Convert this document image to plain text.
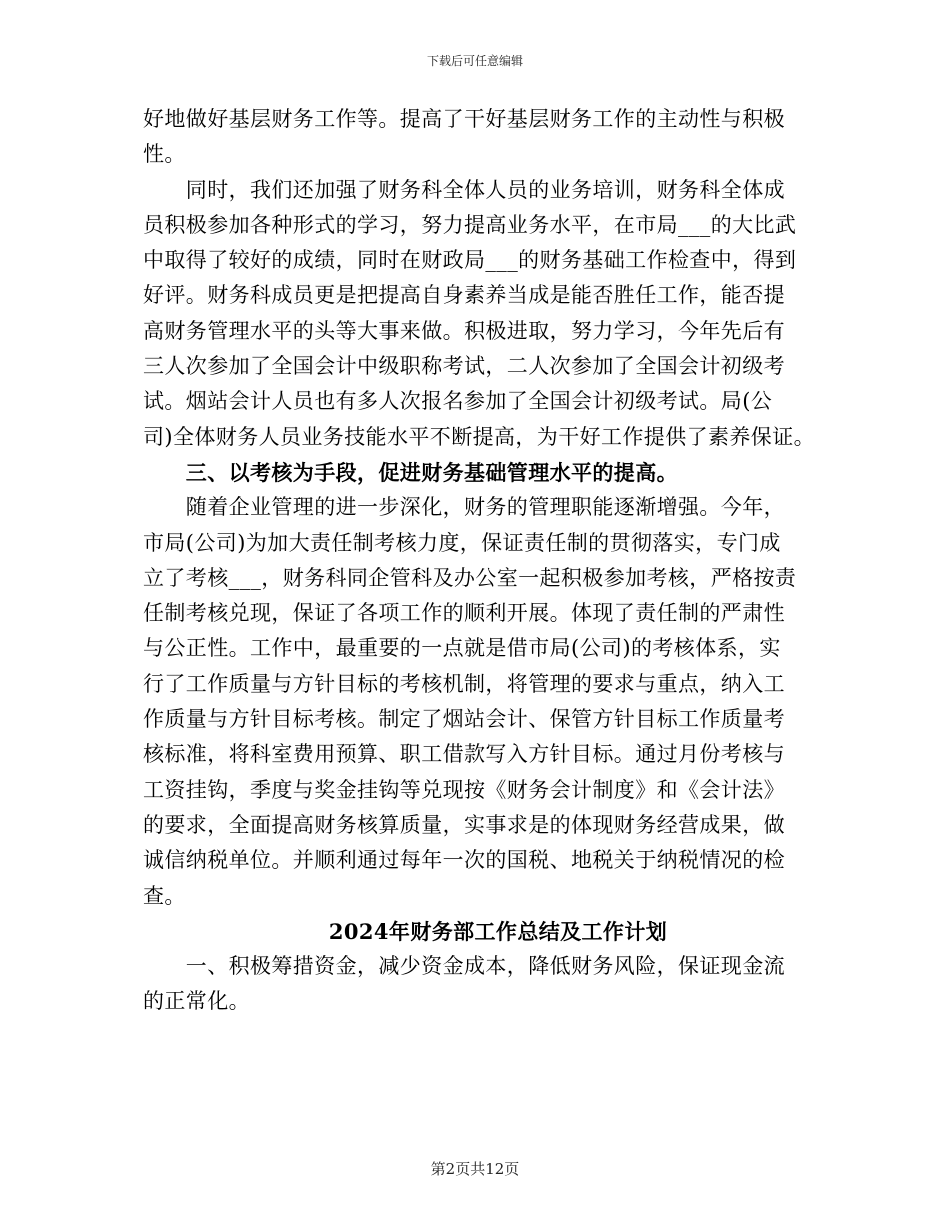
下载后可任意编辑
好地做好基层财务工作等。提高了干好基层财务工作的主动性与积极
性。
　　同时，我们还加强了财务科全体人员的业务培训，财务科全体成
员积极参加各种形式的学习，努力提高业务水平，在市局___的大比武
中取得了较好的成绩，同时在财政局___的财务基础工作检查中，得到
好评。财务科成员更是把提高自身素养当成是能否胜任工作，能否提
高财务管理水平的头等大事来做。积极进取，努力学习，今年先后有
三人次参加了全国会计中级职称考试，二人次参加了全国会计初级考
试。烟站会计人员也有多人次报名参加了全国会计初级考试。局(公
司)全体财务人员业务技能水平不断提高，为干好工作提供了素养保证。
　　三、以考核为手段，促进财务基础管理水平的提高。
　　随着企业管理的进一步深化，财务的管理职能逐渐增强。今年，
市局(公司)为加大责任制考核力度，保证责任制的贯彻落实，专门成
立了考核___，财务科同企管科及办公室一起积极参加考核，严格按责
任制考核兑现，保证了各项工作的顺利开展。体现了责任制的严肃性
与公正性。工作中，最重要的一点就是借市局(公司)的考核体系，实
行了工作质量与方针目标的考核机制，将管理的要求与重点，纳入工
作质量与方针目标考核。制定了烟站会计、保管方针目标工作质量考
核标准，将科室费用预算、职工借款写入方针目标。通过月份考核与
工资挂钩，季度与奖金挂钩等兑现按《财务会计制度》和《会计法》
的要求，全面提高财务核算质量，实事求是的体现财务经营成果，做
诚信纳税单位。并顺利通过每年一次的国税、地税关于纳税情况的检
查。
2024年财务部工作总结及工作计划
　　一、积极筹措资金，减少资金成本，降低财务风险，保证现金流
的正常化。
第2页共12页
